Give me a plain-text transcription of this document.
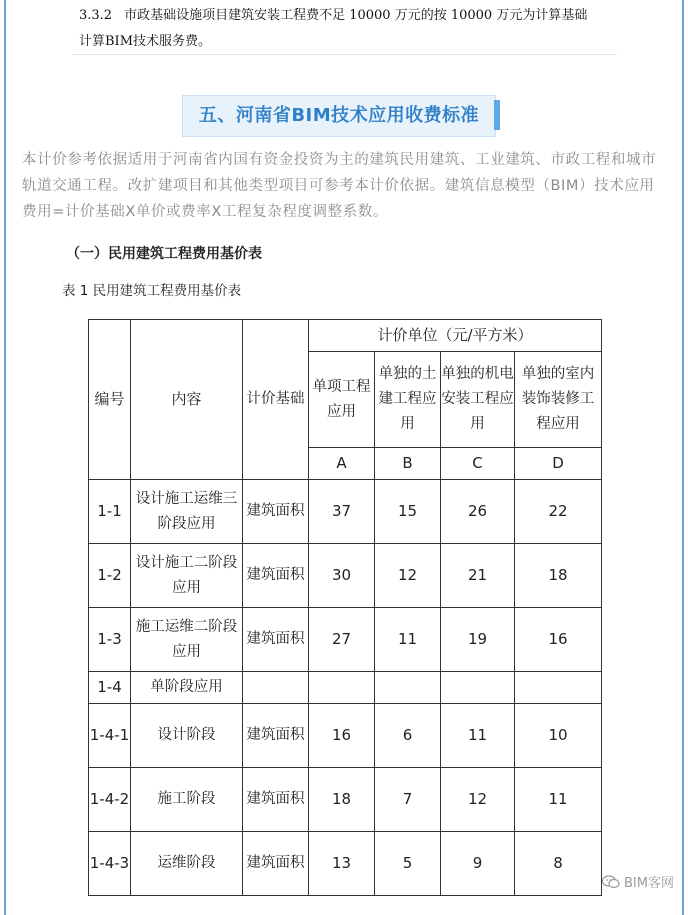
3.3.2 市政基础设施项目建筑安装工程费不足 10000 万元的按 10000 万元为计算基础
计算BIM技术服务费。
五、河南省BIM技术应用收费标准
本计价参考依据适用于河南省内国有资金投资为主的建筑民用建筑、工业建筑、市政工程和城市轨道交通工程。改扩建项目和其他类型项目可参考本计价依据。建筑信息模型（BIM）技术应用费用=计价基础X单价或费率X工程复杂程度调整系数。
（一）民用建筑工程费用基价表
表 1 民用建筑工程费用基价表
编号	内容	计价基础	计价单位（元/平方米）			
			单项工程应用	单独的土建工程应用	单独的机电安装工程应用	单独的室内装饰装修工程应用
			A	B	C	D
1-1	设计施工运维三阶段应用	建筑面积	37	15	26	22
1-2	设计施工二阶段应用	建筑面积	30	12	21	18
1-3	施工运维二阶段应用	建筑面积	27	11	19	16
1-4	单阶段应用					
1-4-1	设计阶段	建筑面积	16	6	11	10
1-4-2	施工阶段	建筑面积	18	7	12	11
1-4-3	运维阶段	建筑面积	13	5	9	8
BIM客网
